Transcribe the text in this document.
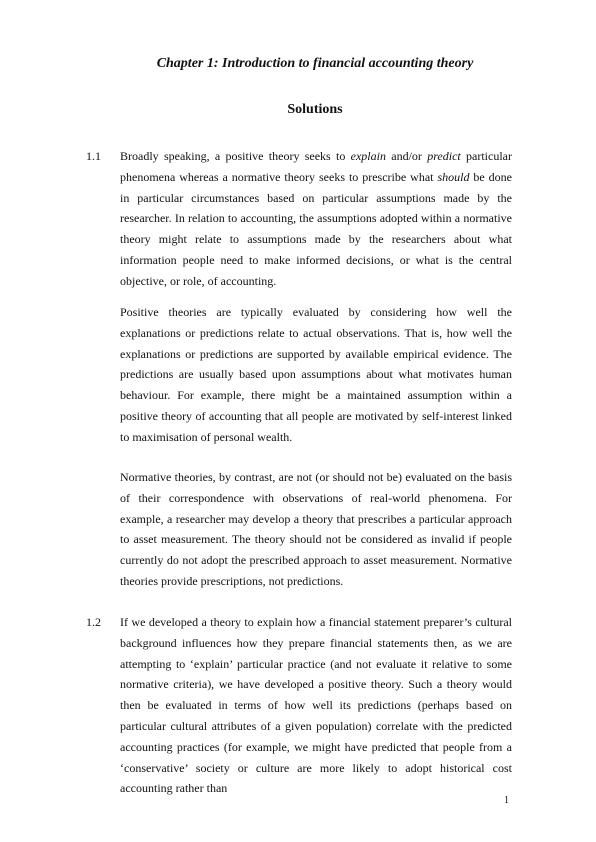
Chapter 1: Introduction to financial accounting theory
Solutions
1.1 Broadly speaking, a positive theory seeks to explain and/or predict particular phenomena whereas a normative theory seeks to prescribe what should be done in particular circumstances based on particular assumptions made by the researcher. In relation to accounting, the assumptions adopted within a normative theory might relate to assumptions made by the researchers about what information people need to make informed decisions, or what is the central objective, or role, of accounting.

Positive theories are typically evaluated by considering how well the explanations or predictions relate to actual observations. That is, how well the explanations or predictions are supported by available empirical evidence. The predictions are usually based upon assumptions about what motivates human behaviour. For example, there might be a maintained assumption within a positive theory of accounting that all people are motivated by self-interest linked to maximisation of personal wealth.

Normative theories, by contrast, are not (or should not be) evaluated on the basis of their correspondence with observations of real-world phenomena. For example, a researcher may develop a theory that prescribes a particular approach to asset measurement. The theory should not be considered as invalid if people currently do not adopt the prescribed approach to asset measurement. Normative theories provide prescriptions, not predictions.

1.2 If we developed a theory to explain how a financial statement preparer’s cultural background influences how they prepare financial statements then, as we are attempting to ‘explain’ particular practice (and not evaluate it relative to some normative criteria), we have developed a positive theory. Such a theory would then be evaluated in terms of how well its predictions (perhaps based on particular cultural attributes of a given population) correlate with the predicted accounting practices (for example, we might have predicted that people from a ‘conservative’ society or culture are more likely to adopt historical cost accounting rather than

1
